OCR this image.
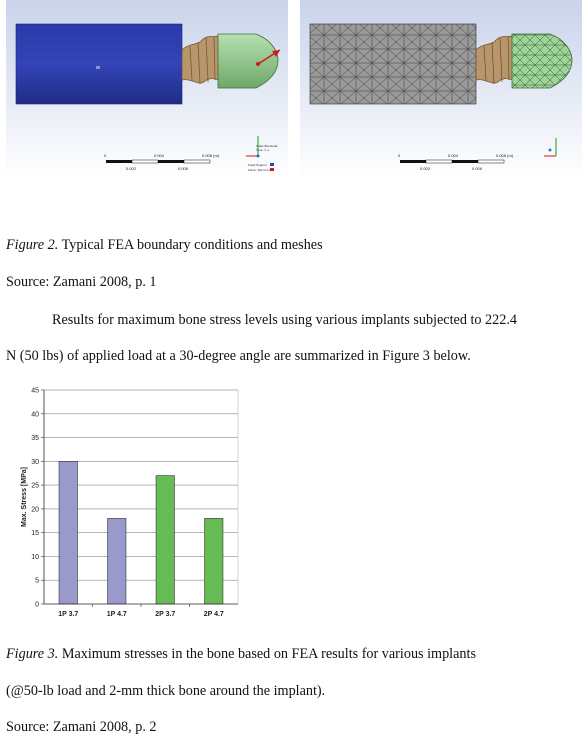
0	0.004	0.008 (m)
0.002	0.006
Static Structural
Time: 1. s
Fixed Support
Force: 222.14 N
0	0.004	0.008 (m)
0.002	0.006
Figure 2. Typical FEA boundary conditions and meshes
Source: Zamani 2008, p. 1
Results for maximum bone stress levels using various implants subjected to 222.4
N (50 lbs) of applied load at a 30-degree angle are summarized in Figure 3 below.
0
5
10
15
20
25
30
35
40
45
1P 3.7	1P 4.7	2P 3.7	2P 4.7
Max. Stress [MPa]
Figure 3. Maximum stresses in the bone based on FEA results for various implants
(@50-lb load and 2-mm thick bone around the implant).
Source: Zamani 2008, p. 2
